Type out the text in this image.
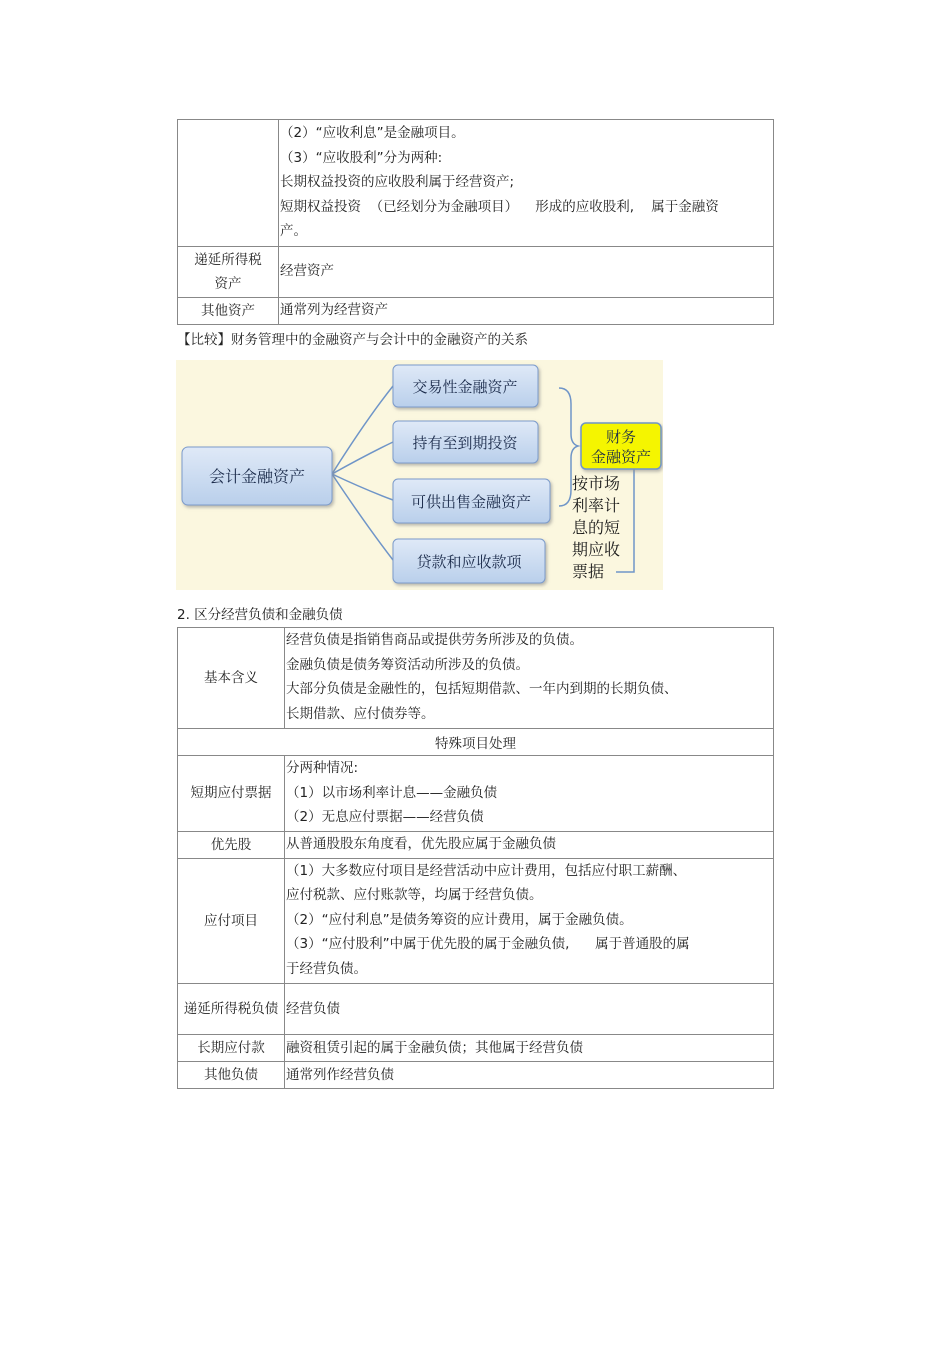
	（2）“应收利息”是金融项目。
（3）“应收股利”分为两种:
长期权益投资的应收股利属于经营资产;
短期权益投资  （已经划分为金融项目）    形成的应收股利,    属于金融资
产。

递延所得税资产	经营资产

其他资产	通常列为经营资产
【比较】财务管理中的金融资产与会计中的金融资产的关系
会计金融资产
交易性金融资产
持有至到期投资
可供出售金融资产
贷款和应收款项
财务
金融资产
按市场
利率计
息的短
期应收
票据
2. 区分经营负债和金融负债
基本含义	经营负债是指销售商品或提供劳务所涉及的负债。
金融负债是债务筹资活动所涉及的负债。
大部分负债是金融性的，包括短期借款、一年内到期的长期负债、
长期借款、应付债券等。

特殊项目处理	
短期应付票据	分两种情况:
（1）以市场利率计息——金融负债
（2）无息应付票据——经营负债

优先股	从普通股股东角度看，优先股应属于金融负债

应付项目	（1）大多数应付项目是经营活动中应计费用，包括应付职工薪酬、
应付税款、应付账款等，均属于经营负债。
（2）“应付利息”是债务筹资的应计费用，属于金融负债。
（3）“应付股利”中属于优先股的属于金融负债,      属于普通股的属
于经营负债。

递延所得税负债	经营负债

长期应付款	融资租赁引起的属于金融负债；其他属于经营负债

其他负债	通常列作经营负债
